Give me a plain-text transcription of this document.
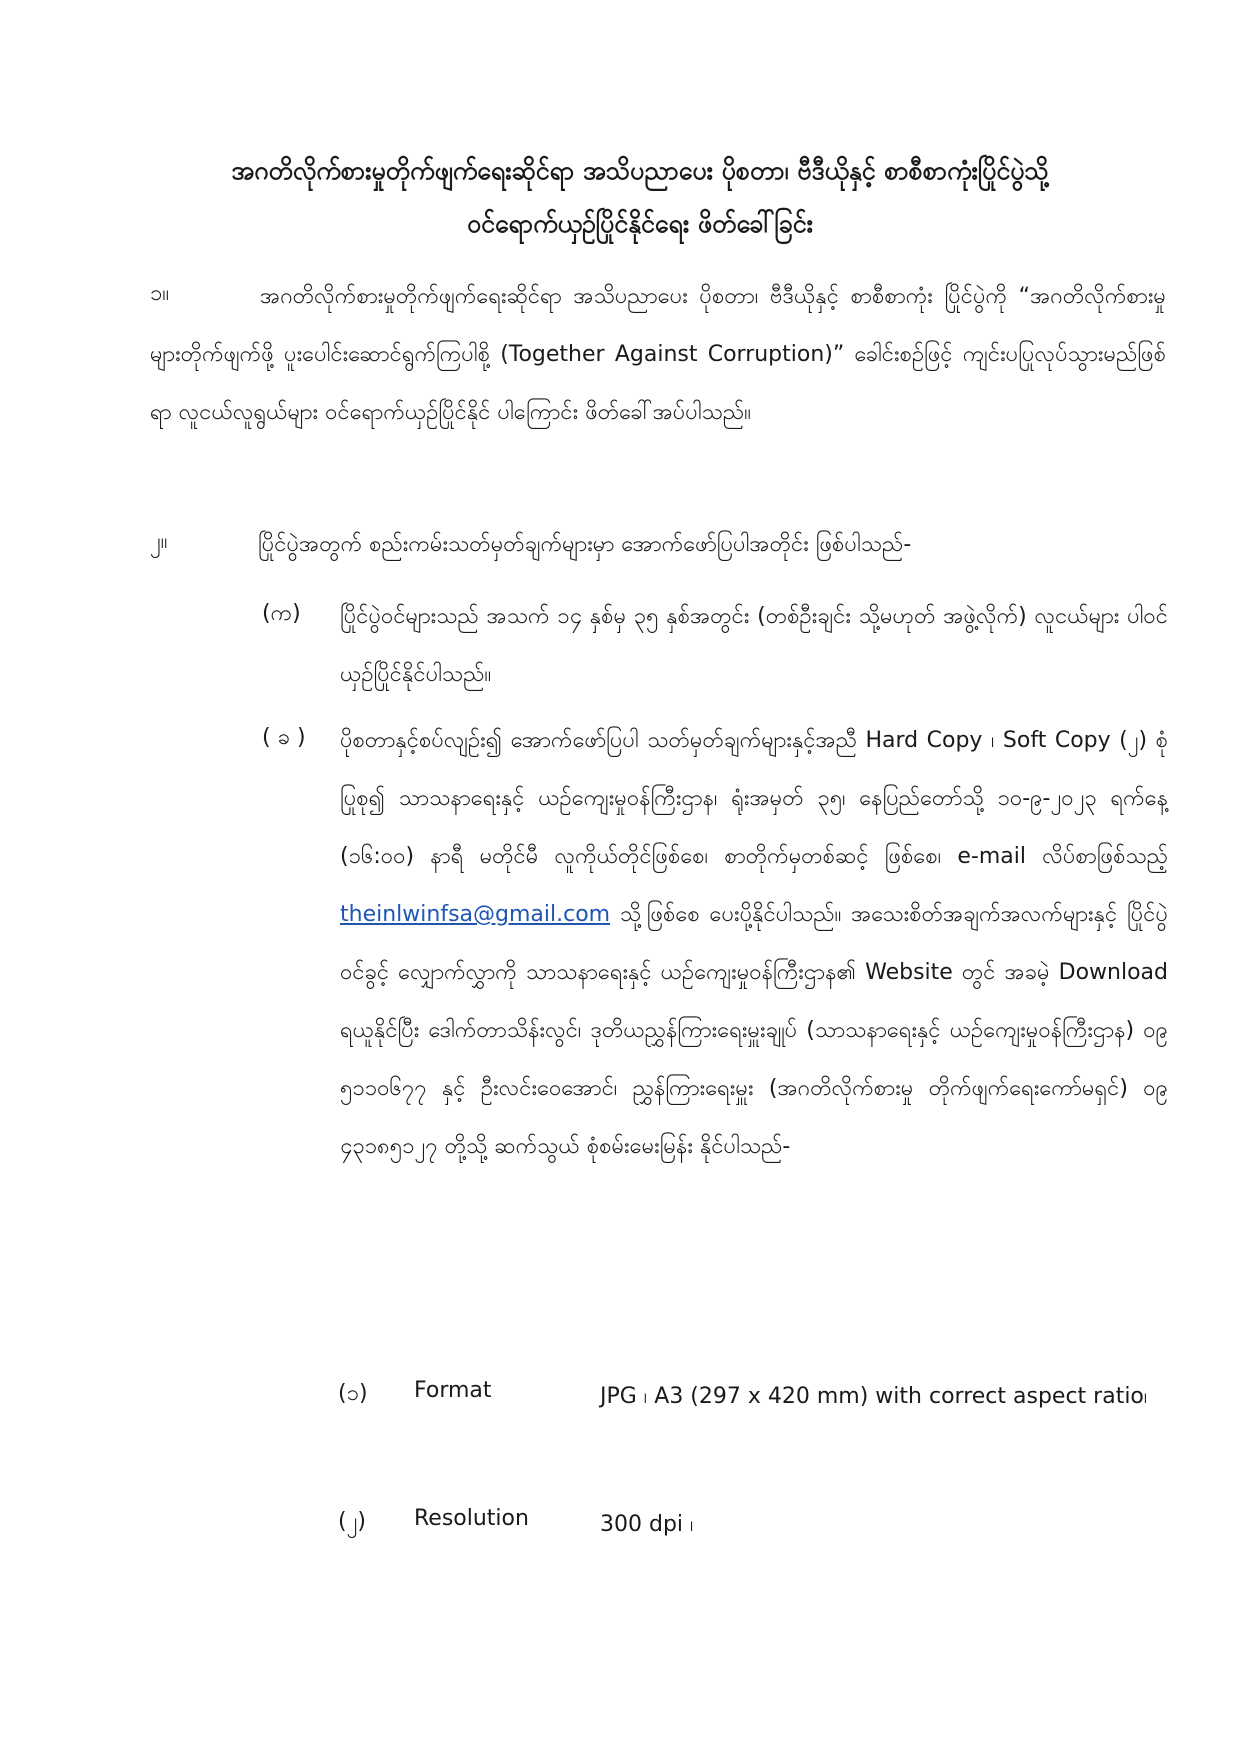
အဂတိလိုက်စားမှုတိုက်ဖျက်ရေးဆိုင်ရာ အသိပညာပေး ပိုစတာ၊ ဗီဒီယိုနှင့် စာစီစာကုံးပြိုင်ပွဲသို့
ဝင်ရောက်ယှဉ်ပြိုင်နိုင်ရေး ဖိတ်ခေါ်ခြင်း
၁။	အဂတိလိုက်စားမှုတိုက်ဖျက်ရေးဆိုင်ရာ အသိပညာပေး ပိုစတာ၊ ဗီဒီယိုနှင့် စာစီစာကုံး ပြိုင်ပွဲကို “အဂတိလိုက်စားမှုများတိုက်ဖျက်ဖို့ ပူးပေါင်းဆောင်ရွက်ကြပါစို့ (Together Against Corruption)” ခေါင်းစဉ်ဖြင့် ကျင်းပပြုလုပ်သွားမည်ဖြစ်ရာ လူငယ်လူရွယ်များ ဝင်ရောက်ယှဉ်ပြိုင်နိုင် ပါကြောင်း ဖိတ်ခေါ်အပ်ပါသည်။
၂။	ပြိုင်ပွဲအတွက် စည်းကမ်းသတ်မှတ်ချက်များမှာ အောက်ဖော်ပြပါအတိုင်း ဖြစ်ပါသည်-
(က) ပြိုင်ပွဲဝင်များသည် အသက် ၁၄ နှစ်မှ ၃၅ နှစ်အတွင်း (တစ်ဦးချင်း သို့မဟုတ် အဖွဲ့လိုက်) လူငယ်များ ပါဝင်ယှဉ်ပြိုင်နိုင်ပါသည်။
( ခ ) ပိုစတာနှင့်စပ်လျဉ်း၍ အောက်ဖော်ပြပါ သတ်မှတ်ချက်များနှင့်အညီ Hard Copy ၊ Soft Copy (၂) စုံ ပြုစု၍ သာသနာရေးနှင့် ယဉ်ကျေးမှုဝန်ကြီးဌာန၊ ရုံးအမှတ် ၃၅၊ နေပြည်တော်သို့ ၁၀-၉-၂၀၂၃ ရက်နေ့ (၁၆:၀၀) နာရီ မတိုင်မီ လူကိုယ်တိုင်ဖြစ်စေ၊ စာတိုက်မှတစ်ဆင့် ဖြစ်စေ၊ e-mail လိပ်စာဖြစ်သည့် theinlwinfsa@gmail.com သို့ဖြစ်စေ ပေးပို့နိုင်ပါသည်။ အသေးစိတ်အချက်အလက်များနှင့် ပြိုင်ပွဲဝင်ခွင့် လျှောက်လွှာကို သာသနာရေးနှင့် ယဉ်ကျေးမှုဝန်ကြီးဌာန၏ Website တွင် အခမဲ့ Download ရယူနိုင်ပြီး ဒေါက်တာသိန်းလွင်၊ ဒုတိယညွှန်ကြားရေးမှူးချုပ် (သာသနာရေးနှင့် ယဉ်ကျေးမှုဝန်ကြီးဌာန) ၀၉ ၅၁၁၀၆၇၇ နှင့် ဦးလင်းဝေအောင်၊ ညွှန်ကြားရေးမှူး (အဂတိလိုက်စားမှု တိုက်ဖျက်ရေးကော်မရှင်) ၀၉ ၄၃၁၈၅၁၂၇ တို့သို့ ဆက်သွယ် စုံစမ်းမေးမြန်း နိုင်ပါသည်-
(၁) Format	JPG ၊ A3 (297 x 420 mm) with correct aspect ratio၊
(၂) Resolution	300 dpi ၊
